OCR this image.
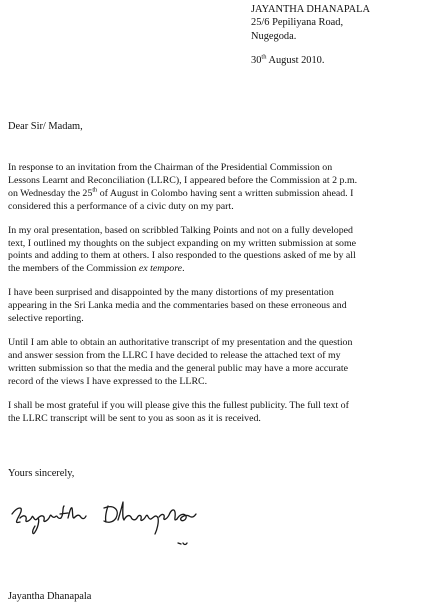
JAYANTHA DHANAPALA
25/6 Pepiliyana Road,
Nugegoda.
30th August 2010.
Dear Sir/ Madam,

In response to an invitation from the Chairman of the Presidential Commission on
Lessons Learnt and Reconciliation (LLRC), I appeared before the Commission at 2 p.m.
on Wednesday the 25th of August in Colombo having sent a written submission ahead. I
considered this a performance of a civic duty on my part.

In my oral presentation, based on scribbled Talking Points and not on a fully developed
text, I outlined my thoughts on the subject expanding on my written submission at some
points and adding to them at others. I also responded to the questions asked of me by all
the members of the Commission ex tempore.

I have been surprised and disappointed by the many distortions of my presentation
appearing in the Sri Lanka media and the commentaries based on these erroneous and
selective reporting.

Until I am able to obtain an authoritative transcript of my presentation and the question
and answer session from the LLRC I have decided to release the attached text of my
written submission so that the media and the general public may have a more accurate
record of the views I have expressed to the LLRC.

I shall be most grateful if you will please give this the fullest publicity. The full text of
the LLRC transcript will be sent to you as soon as it is received.

Yours sincerely,
Jayantha Dhanapala
